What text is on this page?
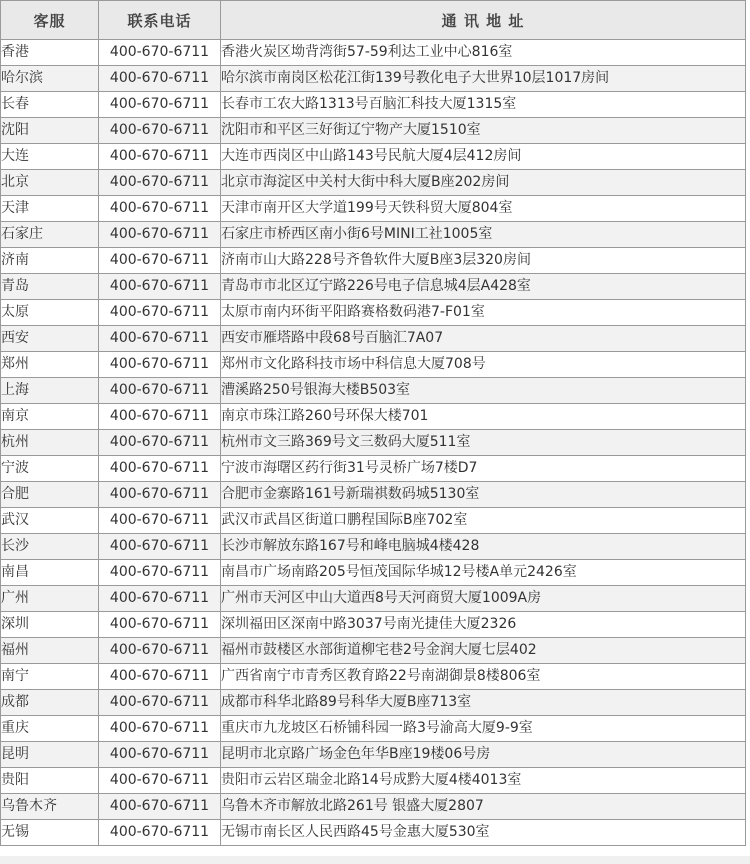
客服	联系电话	通 讯 地 址
香港	400-670-6711	香港火炭区坳背湾街57-59利达工业中心816室
哈尔滨	400-670-6711	哈尔滨市南岗区松花江街139号教化电子大世界10层1017房间
长春	400-670-6711	长春市工农大路1313号百脑汇科技大厦1315室
沈阳	400-670-6711	沈阳市和平区三好街辽宁物产大厦1510室
大连	400-670-6711	大连市西岗区中山路143号民航大厦4层412房间
北京	400-670-6711	北京市海淀区中关村大街中科大厦B座202房间
天津	400-670-6711	天津市南开区大学道199号天铁科贸大厦804室
石家庄	400-670-6711	石家庄市桥西区南小街6号MINI工社1005室
济南	400-670-6711	济南市山大路228号齐鲁软件大厦B座3层320房间
青岛	400-670-6711	青岛市市北区辽宁路226号电子信息城4层A428室
太原	400-670-6711	太原市南内环街平阳路赛格数码港7-F01室
西安	400-670-6711	西安市雁塔路中段68号百脑汇7A07
郑州	400-670-6711	郑州市文化路科技市场中科信息大厦708号
上海	400-670-6711	漕溪路250号银海大楼B503室
南京	400-670-6711	南京市珠江路260号环保大楼701
杭州	400-670-6711	杭州市文三路369号文三数码大厦511室
宁波	400-670-6711	宁波市海曙区药行街31号灵桥广场7楼D7
合肥	400-670-6711	合肥市金寨路161号新瑞祺数码城5130室
武汉	400-670-6711	武汉市武昌区街道口鹏程国际B座702室
长沙	400-670-6711	长沙市解放东路167号和峰电脑城4楼428
南昌	400-670-6711	南昌市广场南路205号恒茂国际华城12号楼A单元2426室
广州	400-670-6711	广州市天河区中山大道西8号天河商贸大厦1009A房
深圳	400-670-6711	深圳福田区深南中路3037号南光捷佳大厦2326
福州	400-670-6711	福州市鼓楼区水部街道柳宅巷2号金润大厦七层402
南宁	400-670-6711	广西省南宁市青秀区教育路22号南湖御景8楼806室
成都	400-670-6711	成都市科华北路89号科华大厦B座713室
重庆	400-670-6711	重庆市九龙坡区石桥铺科园一路3号渝高大厦9-9室
昆明	400-670-6711	昆明市北京路广场金色年华B座19楼06号房
贵阳	400-670-6711	贵阳市云岩区瑞金北路14号成黔大厦4楼4013室
乌鲁木齐	400-670-6711	乌鲁木齐市解放北路261号 银盛大厦2807
无锡	400-670-6711	无锡市南长区人民西路45号金惠大厦530室
